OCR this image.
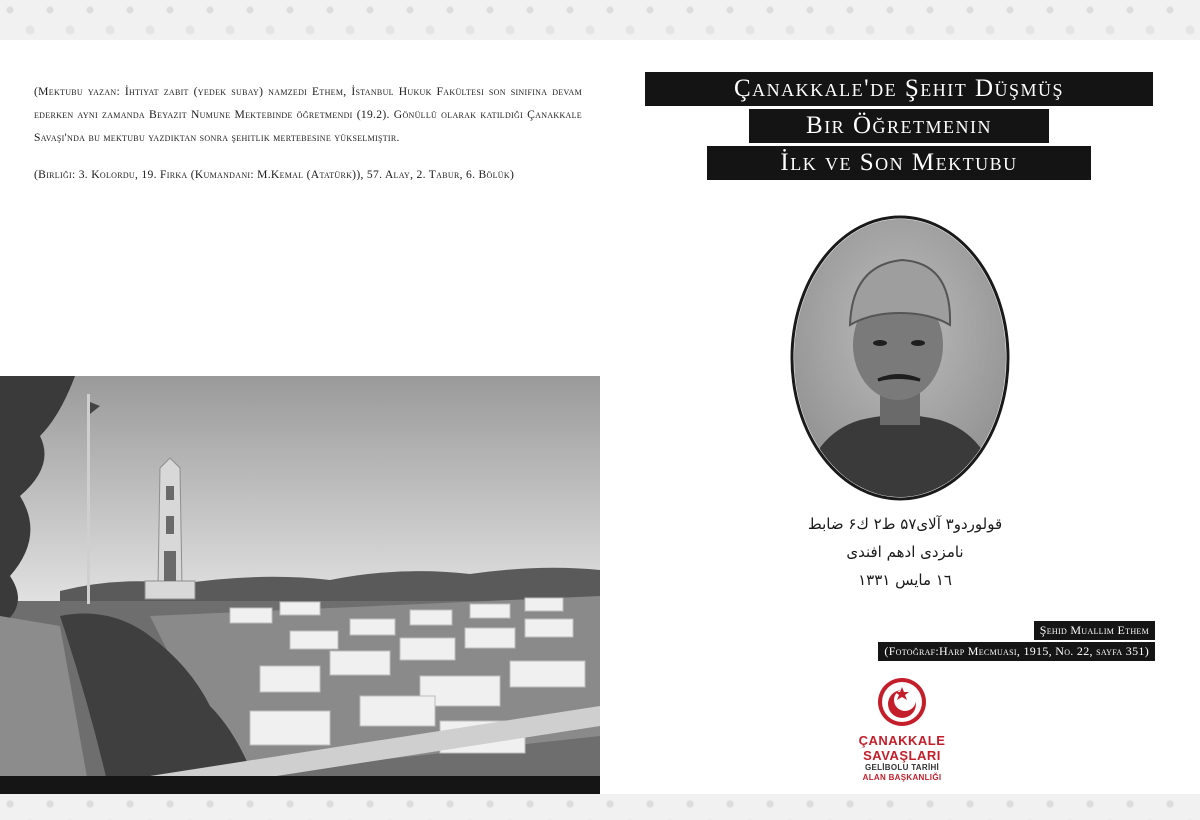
(Mektubu yazan: İhtiyat zabit (yedek subay) namzedi Ethem, İstanbul Hukuk Fakültesi son sınıfına devam ederken aynı zamanda Beyazıt Numune Mektebinde öğretmendi (19.2). Gönüllü olarak katıldığı Çanakkale Savaşı'nda bu mektubu yazdıktan sonra şehitlik mertebesine yükselmiştir.

(Birliği: 3. Kolordu, 19. Fırka (Kumandanı: M.Kemal (Atatürk)), 57. Alay, 2. Tabur, 6. Bölük)

Çanakkale'de Şehit Düşmüş
Bir Öğretmenin
İlk ve Son Mektubu
قولوردو۳ آلای۵۷ ط۲ ك۶ ضابط
نامزدی ادهم افندی
۱٦ مايس ۱۳۳۱
Şehid Muallim Ethem
(Fotoğraf:Harp Mecmuası, 1915, No. 22, sayfa 351)
ÇANAKKALE
SAVAŞLARI
GELİBOLU TARİHİ
ALAN BAŞKANLIĞI
